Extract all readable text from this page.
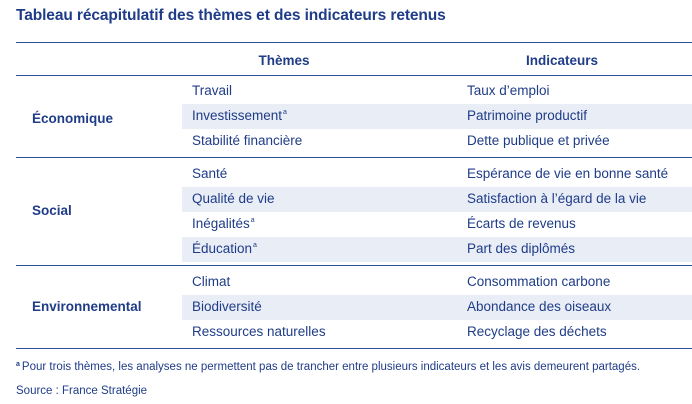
Tableau récapitulatif des thèmes et des indicateurs retenus
Thèmes	Indicateurs
Économique
Travail	Taux d’emploi
Investissement$^a$	Patrimoine productif
Stabilité financière	Dette publique et privée
Social
Santé	Espérance de vie en bonne santé
Qualité de vie	Satisfaction à l’égard de la vie
Inégalités$^a$	Écarts de revenus
Éducation$^a$	Part des diplômés
Environnemental
Climat	Consommation carbone
Biodiversité	Abondance des oiseaux
Ressources naturelles	Recyclage des déchets
$^a$ Pour trois thèmes, les analyses ne permettent pas de trancher entre plusieurs indicateurs et les avis demeurent partagés.
Source : France Stratégie
